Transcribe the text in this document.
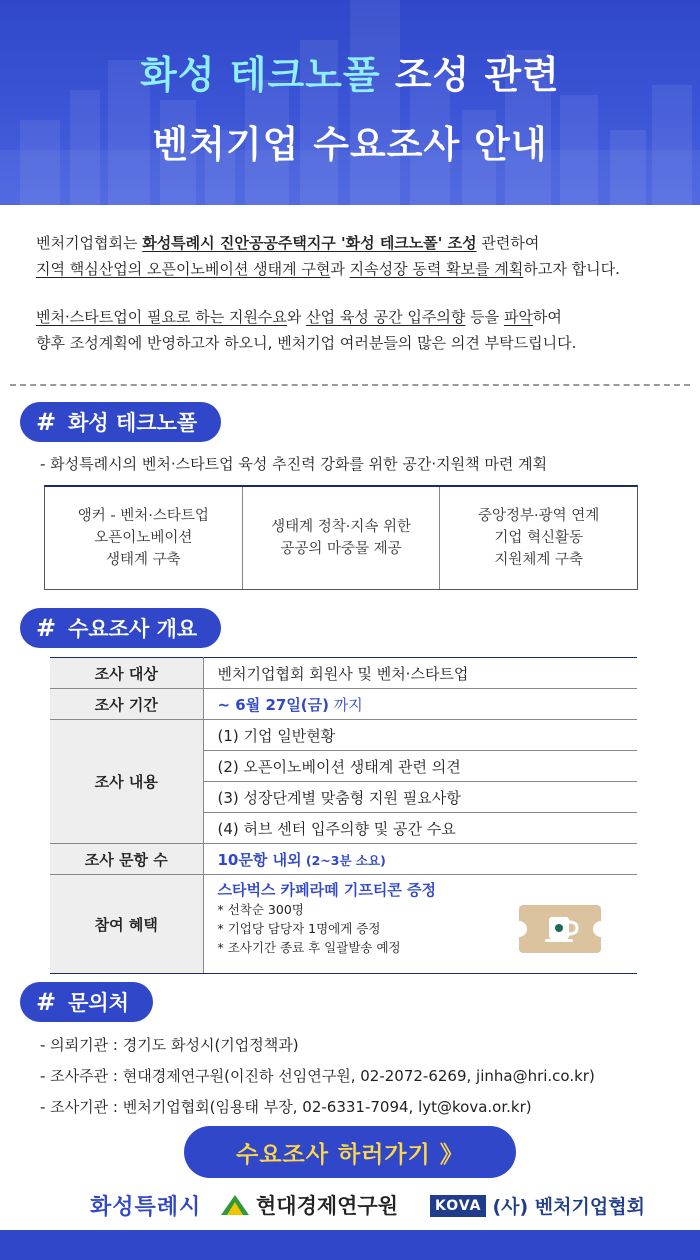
화성 테크노폴 조성 관련
벤처기업 수요조사 안내

벤처기업협회는 화성특례시 진안공공주택지구 '화성 테크노폴' 조성 관련하여
지역 핵심산업의 오픈이노베이션 생태계 구현과 지속성장 동력 확보를 계획하고자 합니다.

벤처·스타트업이 필요로 하는 지원수요와 산업 육성 공간 입주의향 등을 파악하여
향후 조성계획에 반영하고자 하오니, 벤처기업 여러분들의 많은 의견 부탁드립니다.

# 화성 테크노폴
- 화성특례시의 벤처·스타트업 육성 추진력 강화를 위한 공간·지원책 마련 계획
앵커 - 벤처·스타트업
오픈이노베이션
생태계 구축
생태계 정착·지속 위한
공공의 마중물 제공
중앙정부·광역 연계
기업 혁신활동
지원체계 구축
# 수요조사 개요
조사 대상	벤처기업협회 회원사 및 벤처·스타트업
조사 기간	~ 6월 27일(금) 까지
조사 내용	(1) 기업 일반현황
	(2) 오픈이노베이션 생태계 관련 의견
	(3) 성장단계별 맞춤형 지원 필요사항
	(4) 허브 센터 입주의향 및 공간 수요
조사 문항 수	10문항 내외 (2~3분 소요)
참여 혜택	스타벅스 카페라떼 기프티콘 증정
* 선착순 300명
* 기업당 담당자 1명에게 증정
* 조사기간 종료 후 일괄발송 예정
# 문의처
- 의뢰기관 : 경기도 화성시(기업정책과)
- 조사주관 : 현대경제연구원(이진하 선임연구원, 02-2072-6269, jinha@hri.co.kr)
- 조사기관 : 벤처기업협회(임용태 부장, 02-6331-7094, lyt@kova.or.kr)
수요조사 하러가기 》
화성특례시	현대경제연구원	KOVA (사) 벤처기업협회
